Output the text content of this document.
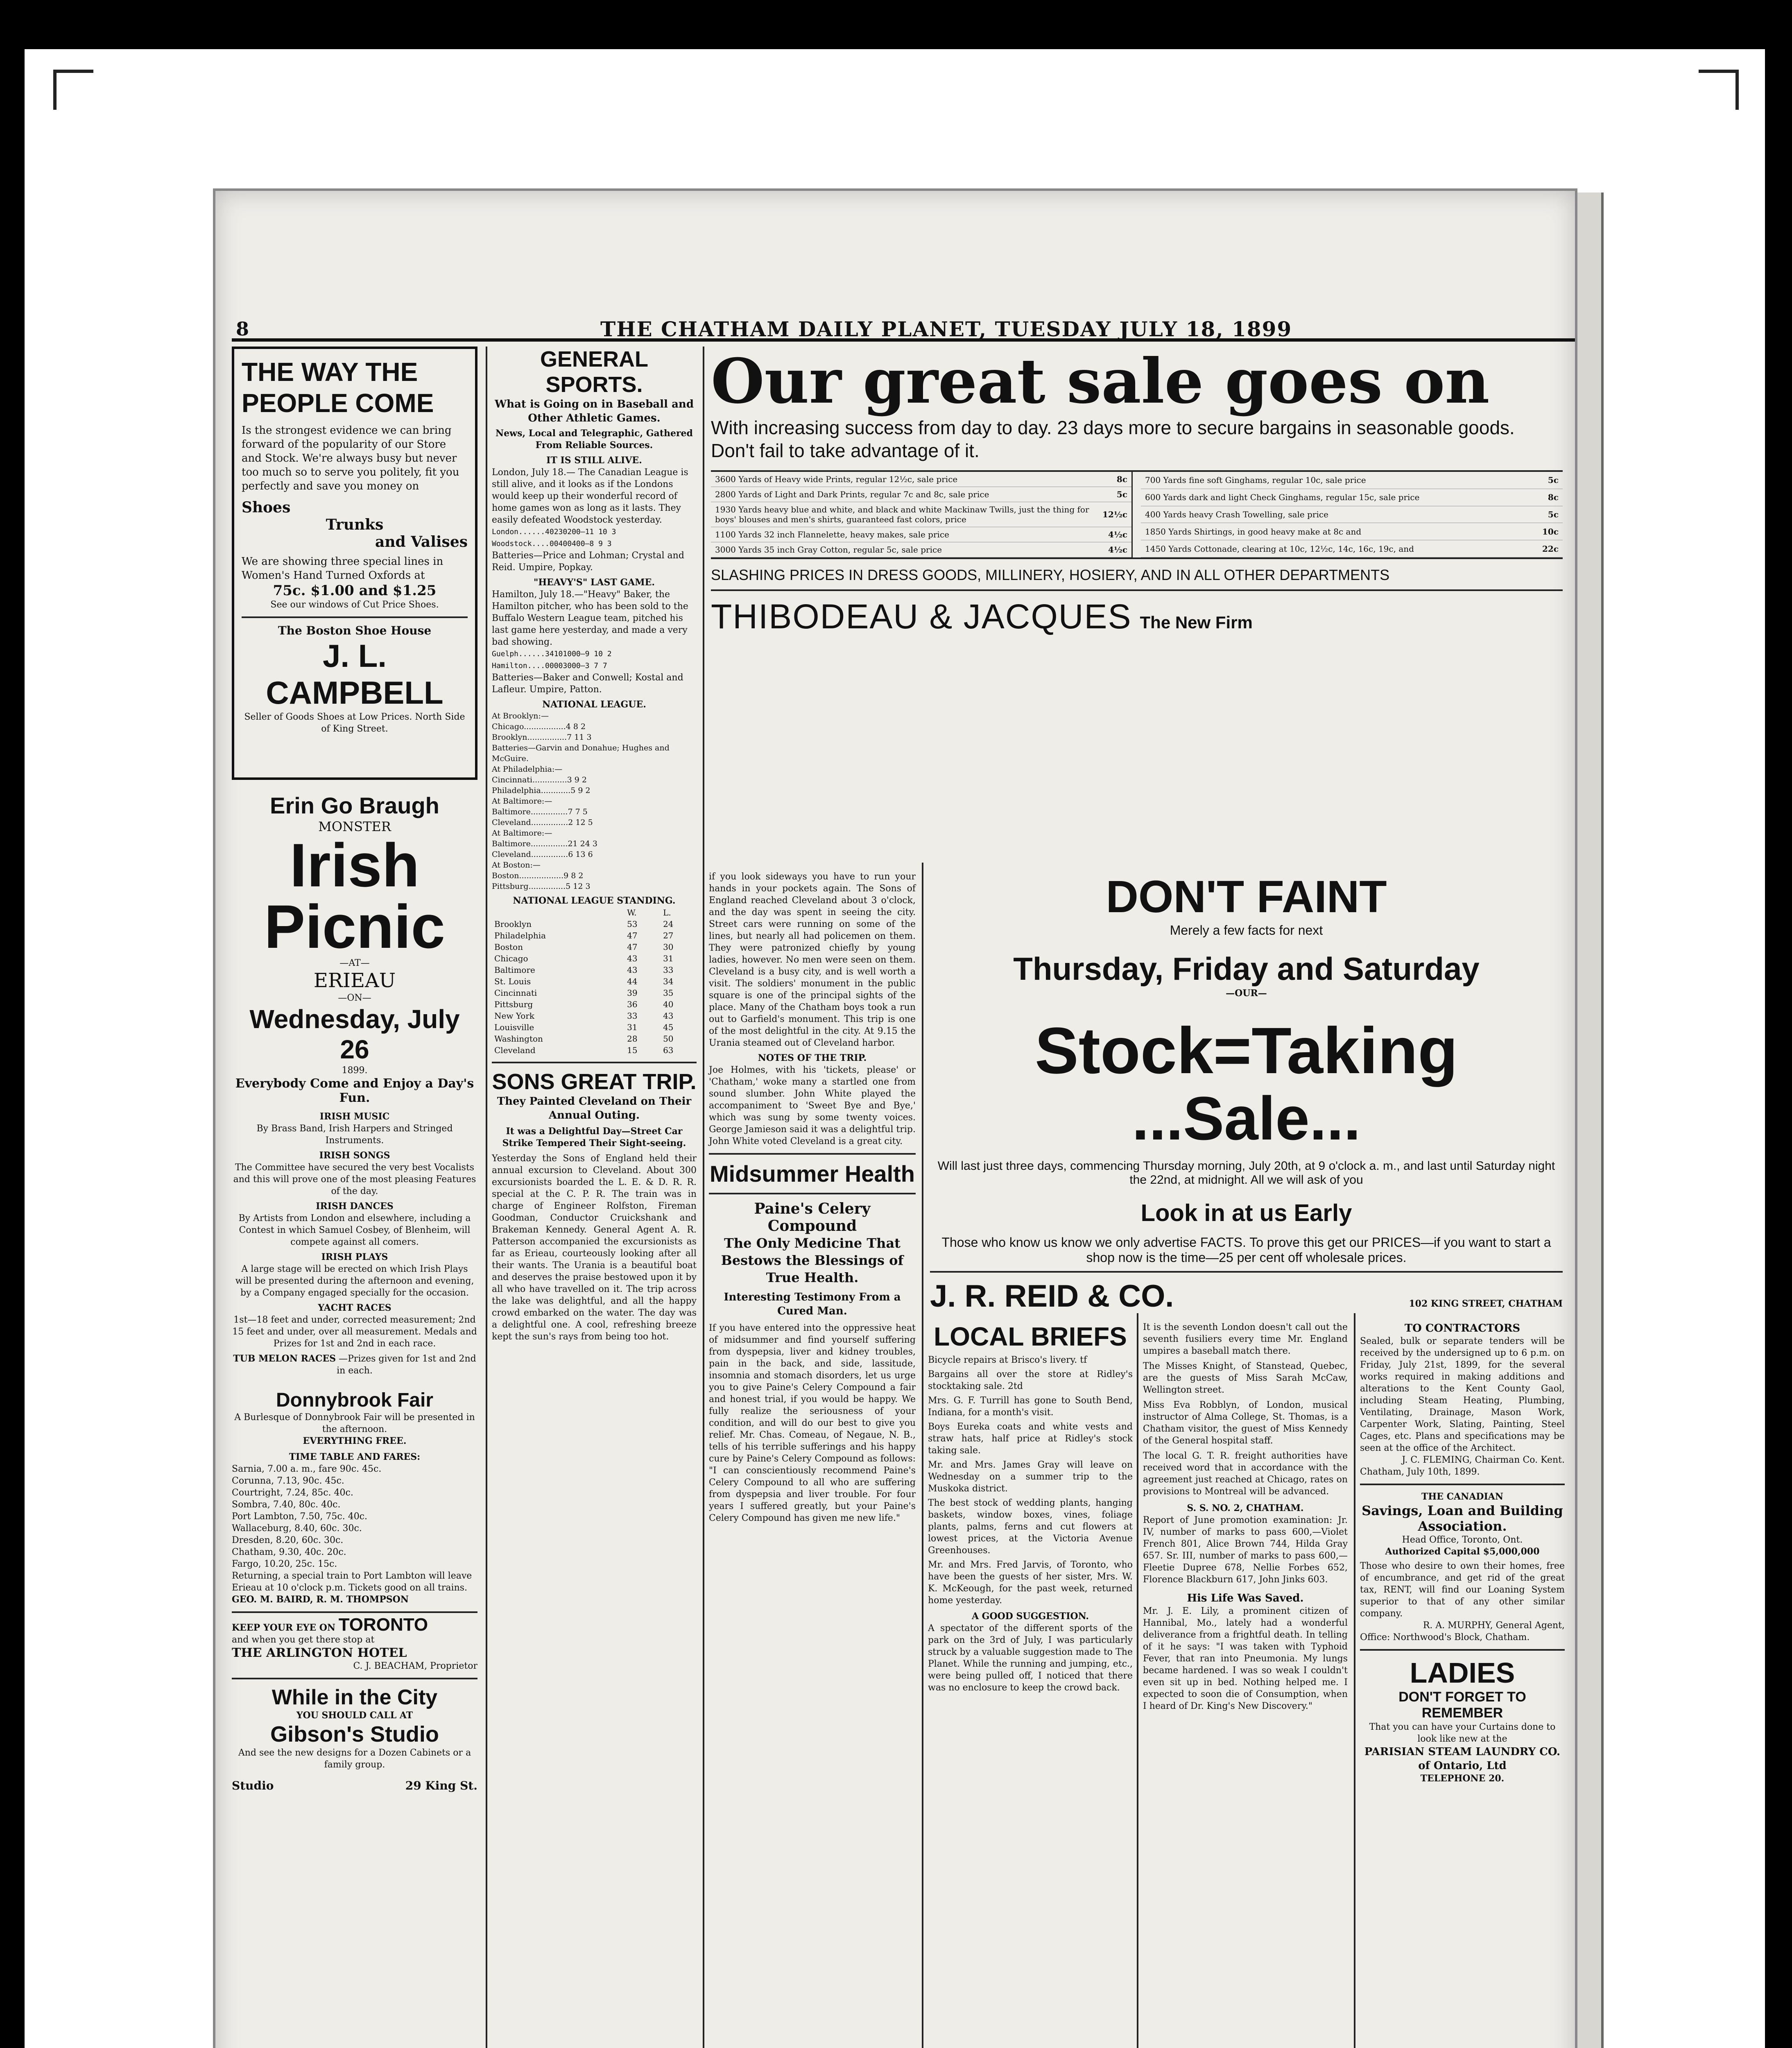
8	THE CHATHAM DAILY PLANET, TUESDAY JULY 18, 1899
THE WAY THE PEOPLE COME
Is the strongest evidence we can bring forward of the popularity of our Store and Stock. We're always busy but never too much so to serve you politely, fit you perfectly and save you money on
Shoes
Trunks
and Valises
We are showing three special lines in Women's Hand Turned Oxfords at
75c. $1.00 and $1.25
See our windows of Cut Price Shoes.
The Boston Shoe House
J. L. CAMPBELL
Seller of Goods Shoes at Low Prices. North Side of King Street.
Erin Go Braugh
MONSTER
Irish
Picnic
—AT—
ERIEAU
—ON—
Wednesday, July 26
1899.
Everybody Come and Enjoy a Day's Fun.
IRISH MUSIC
By Brass Band, Irish Harpers and Stringed Instruments.
IRISH SONGS
The Committee have secured the very best Vocalists and this will prove one of the most pleasing Features of the day.
IRISH DANCES
By Artists from London and elsewhere, including a Contest in which Samuel Cosbey, of Blenheim, will compete against all comers.
IRISH PLAYS
A large stage will be erected on which Irish Plays will be presented during the afternoon and evening, by a Company engaged specially for the occasion.
YACHT RACES
1st—18 feet and under, corrected measurement; 2nd 15 feet and under, over all measurement. Medals and Prizes for 1st and 2nd in each race.
TUB MELON RACES —Prizes given for 1st and 2nd in each.
Donnybrook Fair
A Burlesque of Donnybrook Fair will be presented in the afternoon.
EVERYTHING FREE.
TIME TABLE AND FARES:
Sarnia, 7.00 a. m., fare 90c. 45c.
Corunna, 7.13, 90c. 45c.
Courtright, 7.24, 85c. 40c.
Sombra, 7.40, 80c. 40c.
Port Lambton, 7.50, 75c. 40c.
Wallaceburg, 8.40, 60c. 30c.
Dresden, 8.20, 60c. 30c.
Chatham, 9.30, 40c. 20c.
Fargo, 10.20, 25c. 15c.
Returning, a special train to Port Lambton will leave Erieau at 10 o'clock p.m. Tickets good on all trains.
GEO. M. BAIRD, R. M. THOMPSON
KEEP YOUR EYE ON TORONTO
and when you get there stop at
THE ARLINGTON HOTEL
C. J. BEACHAM, Proprietor
While in the City
YOU SHOULD CALL AT
Gibson's Studio
And see the new designs for a Dozen Cabinets or a family group.
Studio	29 King St.
GENERAL SPORTS.
What is Going on in Baseball and Other Athletic Games.
News, Local and Telegraphic, Gathered From Reliable Sources.
IT IS STILL ALIVE.
London, July 18.— The Canadian League is still alive, and it looks as if the Londons would keep up their wonderful record of home games won as long as it lasts. They easily defeated Woodstock yesterday.
London......40230200—11 10 3
Woodstock....00400400—8 9 3
Batteries—Price and Lohman; Crystal and Reid. Umpire, Popkay.
"HEAVY'S" LAST GAME.
Hamilton, July 18.—"Heavy" Baker, the Hamilton pitcher, who has been sold to the Buffalo Western League team, pitched his last game here yesterday, and made a very bad showing.
Guelph......34101000—9 10 2
Hamilton....00003000—3 7 7
Batteries—Baker and Conwell; Kostal and Lafleur. Umpire, Patton.
NATIONAL LEAGUE.
At Brooklyn:—
Chicago.................4 8 2
Brooklyn................7 11 3
Batteries—Garvin and Donahue; Hughes and McGuire.
At Philadelphia:—
Cincinnati..............3 9 2
Philadelphia............5 9 2
At Baltimore:—
Baltimore...............7 7 5
Cleveland...............2 12 5
At Baltimore:—
Baltimore...............21 24 3
Cleveland...............6 13 6
At Boston:—
Boston..................9 8 2
Pittsburg...............5 12 3
NATIONAL LEAGUE STANDING.
	W.	L.
Brooklyn	53	24
Philadelphia	47	27
Boston	47	30
Chicago	43	31
Baltimore	43	33
St. Louis	44	34
Cincinnati	39	35
Pittsburg	36	40
New York	33	43
Louisville	31	45
Washington	28	50
Cleveland	15	63
SONS GREAT TRIP.
They Painted Cleveland on Their Annual Outing.
It was a Delightful Day—Street Car Strike Tempered Their Sight-seeing.
Yesterday the Sons of England held their annual excursion to Cleveland. About 300 excursionists boarded the L. E. & D. R. R. special at the C. P. R. The train was in charge of Engineer Rolfston, Fireman Goodman, Conductor Cruickshank and Brakeman Kennedy. General Agent A. R. Patterson accompanied the excursionists as far as Erieau, courteously looking after all their wants. The Urania is a beautiful boat and deserves the praise bestowed upon it by all who have travelled on it. The trip across the lake was delightful, and all the happy crowd embarked on the water. The day was a delightful one. A cool, refreshing breeze kept the sun's rays from being too hot.
Our great sale goes on
With increasing success from day to day. 23 days more to secure bargains in seasonable goods. Don't fail to take advantage of it.
3600 Yards of Heavy wide Prints, regular 12½c, sale price	8c
2800 Yards of Light and Dark Prints, regular 7c and 8c, sale price	5c
1930 Yards heavy blue and white, and black and white Mackinaw Twills, just the thing for boys' blouses and men's shirts, guaranteed fast colors, price	12½c
1100 Yards 32 inch Flannelette, heavy makes, sale price	4½c
3000 Yards 35 inch Gray Cotton, regular 5c, sale price	4½c
700 Yards fine soft Ginghams, regular 10c, sale price	5c
600 Yards dark and light Check Ginghams, regular 15c, sale price	8c
400 Yards heavy Crash Towelling, sale price	5c
1850 Yards Shirtings, in good heavy make at 8c and	10c
1450 Yards Cottonade, clearing at 10c, 12½c, 14c, 16c, 19c, and	22c
SLASHING PRICES IN DRESS GOODS, MILLINERY, HOSIERY, AND IN ALL OTHER DEPARTMENTS
THIBODEAU & JACQUES The New Firm
if you look sideways you have to run your hands in your pockets again. The Sons of England reached Cleveland about 3 o'clock, and the day was spent in seeing the city. Street cars were running on some of the lines, but nearly all had policemen on them. They were patronized chiefly by young ladies, however. No men were seen on them. Cleveland is a busy city, and is well worth a visit. The soldiers' monument in the public square is one of the principal sights of the place. Many of the Chatham boys took a run out to Garfield's monument. This trip is one of the most delightful in the city. At 9.15 the Urania steamed out of Cleveland harbor.
NOTES OF THE TRIP.
Joe Holmes, with his 'tickets, please' or 'Chatham,' woke many a startled one from sound slumber. John White played the accompaniment to 'Sweet Bye and Bye,' which was sung by some twenty voices. George Jamieson said it was a delightful trip. John White voted Cleveland is a great city.
Midsummer Health
Paine's Celery Compound
The Only Medicine That Bestows the Blessings of True Health.
Interesting Testimony From a Cured Man.
If you have entered into the oppressive heat of midsummer and find yourself suffering from dyspepsia, liver and kidney troubles, pain in the back, and side, lassitude, insomnia and stomach disorders, let us urge you to give Paine's Celery Compound a fair and honest trial, if you would be happy. We fully realize the seriousness of your condition, and will do our best to give you relief. Mr. Chas. Comeau, of Negaue, N. B., tells of his terrible sufferings and his happy cure by Paine's Celery Compound as follows: "I can conscientiously recommend Paine's Celery Compound to all who are suffering from dyspepsia and liver trouble. For four years I suffered greatly, but your Paine's Celery Compound has given me new life."
DON'T FAINT
Merely a few facts for next
Thursday, Friday and Saturday
—OUR—
Stock=Taking
...Sale...
Will last just three days, commencing Thursday morning, July 20th, at 9 o'clock a. m., and last until Saturday night the 22nd, at midnight. All we will ask of you
Look in at us Early
Those who know us know we only advertise FACTS. To prove this get our PRICES—if you want to start a shop now is the time—25 per cent off wholesale prices.
J. R. REID & CO.	102 KING STREET, CHATHAM
LOCAL BRIEFS
Bicycle repairs at Brisco's livery. tf
Bargains all over the store at Ridley's stocktaking sale. 2td
Mrs. G. F. Turrill has gone to South Bend, Indiana, for a month's visit.
Boys Eureka coats and white vests and straw hats, half price at Ridley's stock taking sale.
Mr. and Mrs. James Gray will leave on Wednesday on a summer trip to the Muskoka district.
The best stock of wedding plants, hanging baskets, window boxes, vines, foliage plants, palms, ferns and cut flowers at lowest prices, at the Victoria Avenue Greenhouses.
Mr. and Mrs. Fred Jarvis, of Toronto, who have been the guests of her sister, Mrs. W. K. McKeough, for the past week, returned home yesterday.
A GOOD SUGGESTION.
A spectator of the different sports of the park on the 3rd of July, I was particularly struck by a valuable suggestion made to The Planet. While the running and jumping, etc., were being pulled off, I noticed that there was no enclosure to keep the crowd back.
It is the seventh London doesn't call out the seventh fusiliers every time Mr. England umpires a baseball match there.
The Misses Knight, of Stanstead, Quebec, are the guests of Miss Sarah McCaw, Wellington street.
Miss Eva Robblyn, of London, musical instructor of Alma College, St. Thomas, is a Chatham visitor, the guest of Miss Kennedy of the General hospital staff.
The local G. T. R. freight authorities have received word that in accordance with the agreement just reached at Chicago, rates on provisions to Montreal will be advanced.
S. S. NO. 2, CHATHAM.
Report of June promotion examination: Jr. IV, number of marks to pass 600,—Violet French 801, Alice Brown 744, Hilda Gray 657. Sr. III, number of marks to pass 600,—Fleetie Dupree 678, Nellie Forbes 652, Florence Blackburn 617, John Jinks 603.
His Life Was Saved.
Mr. J. E. Lily, a prominent citizen of Hannibal, Mo., lately had a wonderful deliverance from a frightful death. In telling of it he says: "I was taken with Typhoid Fever, that ran into Pneumonia. My lungs became hardened. I was so weak I couldn't even sit up in bed. Nothing helped me. I expected to soon die of Consumption, when I heard of Dr. King's New Discovery."
TO CONTRACTORS
Sealed, bulk or separate tenders will be received by the undersigned up to 6 p.m. on Friday, July 21st, 1899, for the several works required in making additions and alterations to the Kent County Gaol, including Steam Heating, Plumbing, Ventilating, Drainage, Mason Work, Carpenter Work, Slating, Painting, Steel Cages, etc. Plans and specifications may be seen at the office of the Architect.
J. C. FLEMING, Chairman Co. Kent.
Chatham, July 10th, 1899.
THE CANADIAN
Savings, Loan and Building Association.
Head Office, Toronto, Ont.
Authorized Capital $5,000,000
Those who desire to own their homes, free of encumbrance, and get rid of the great tax, RENT, will find our Loaning System superior to that of any other similar company.
R. A. MURPHY, General Agent,
Office: Northwood's Block, Chatham.
LADIES
DON'T FORGET TO REMEMBER
That you can have your Curtains done to look like new at the
PARISIAN STEAM LAUNDRY CO. of Ontario, Ltd
TELEPHONE 20.
